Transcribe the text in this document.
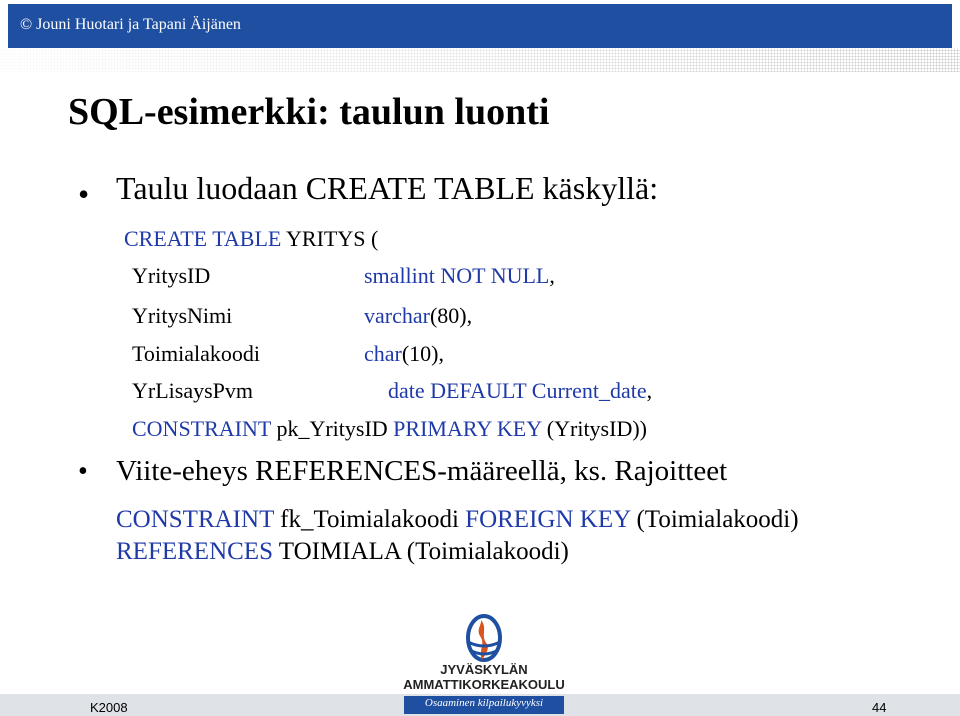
© Jouni Huotari ja Tapani Äijänen
SQL-esimerkki: taulun luonti
• Taulu luodaan CREATE TABLE käskyllä:
CREATE TABLE YRITYS (
YritysID	smallint NOT NULL,
YritysNimi	varchar(80),
Toimialakoodi	char(10),
YrLisaysPvm	date DEFAULT Current_date,
CONSTRAINT pk_YritysID PRIMARY KEY (YritysID))
• Viite-eheys REFERENCES-määreellä, ks. Rajoitteet
CONSTRAINT fk_Toimialakoodi FOREIGN KEY (Toimialakoodi)
REFERENCES TOIMIALA (Toimialakoodi)
JYVÄSKYLÄN
AMMATTIKORKEAKOULU
Osaaminen kilpailukyvyksi
K2008	44
